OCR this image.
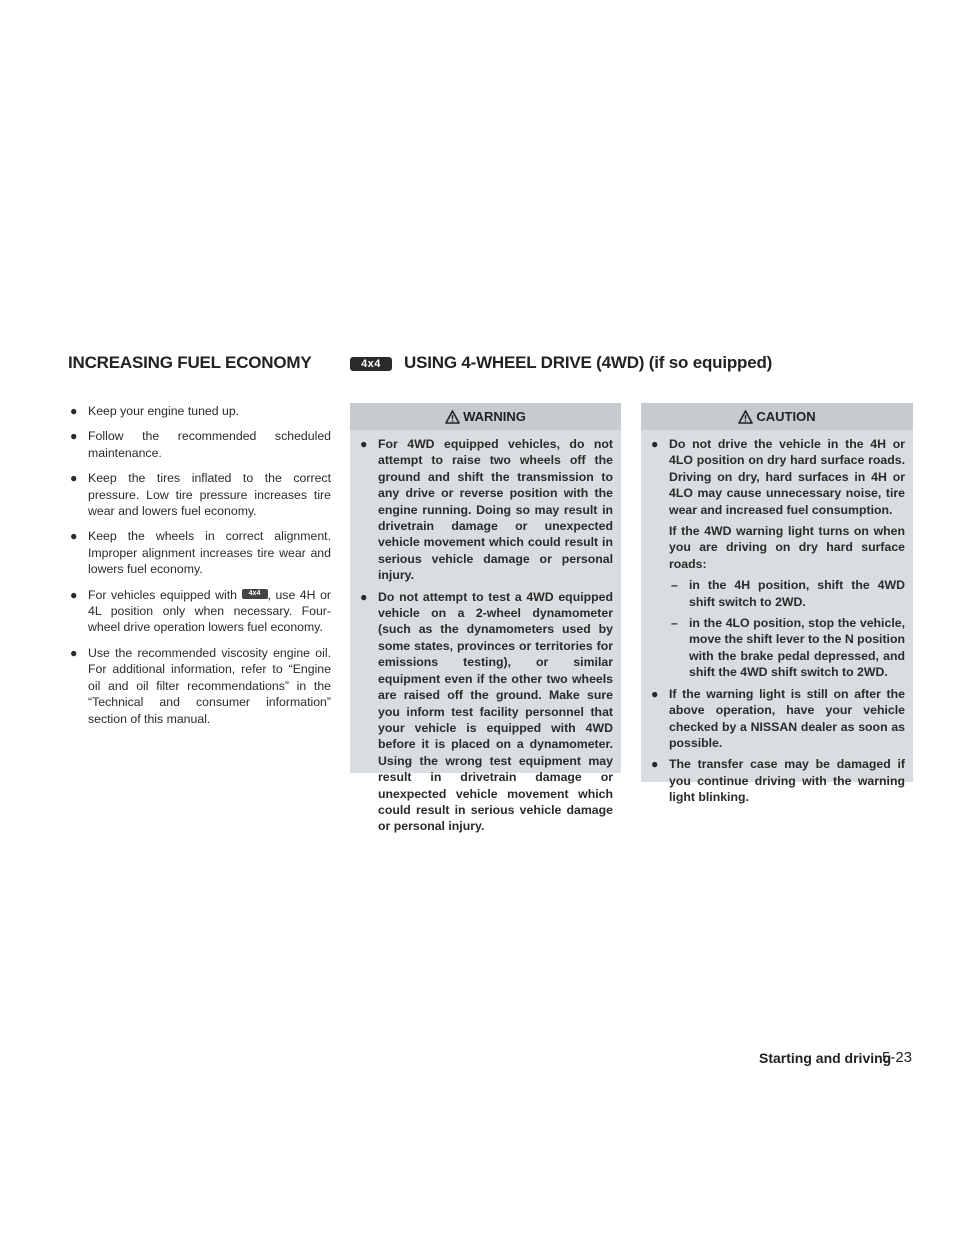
INCREASING FUEL ECONOMY	4x4 USING 4-WHEEL DRIVE (4WD) (if so equipped)
● Keep your engine tuned up.
● Follow the recommended scheduled maintenance.
● Keep the tires inflated to the correct pressure. Low tire pressure increases tire wear and lowers fuel economy.
● Keep the wheels in correct alignment. Improper alignment increases tire wear and lowers fuel economy.
● For vehicles equipped with 4x4 , use 4H or 4L position only when necessary. Four-wheel drive operation lowers fuel economy.
● Use the recommended viscosity engine oil. For additional information, refer to “Engine oil and oil filter recommendations” in the “Technical and consumer information” section of this manual.
WARNING
● For 4WD equipped vehicles, do not attempt to raise two wheels off the ground and shift the transmission to any drive or reverse position with the engine running. Doing so may result in drivetrain damage or unexpected vehicle movement which could result in serious vehicle damage or personal injury.
● Do not attempt to test a 4WD equipped vehicle on a 2-wheel dynamometer (such as the dynamometers used by some states, provinces or territories for emissions testing), or similar equipment even if the other two wheels are raised off the ground. Make sure you inform test facility personnel that your vehicle is equipped with 4WD before it is placed on a dynamometer. Using the wrong test equipment may result in drivetrain damage or unexpected vehicle movement which could result in serious vehicle damage or personal injury.
CAUTION
● Do not drive the vehicle in the 4H or 4LO position on dry hard surface roads. Driving on dry, hard surfaces in 4H or 4LO may cause unnecessary noise, tire wear and increased fuel consumption.

If the 4WD warning light turns on when you are driving on dry hard surface roads:

– in the 4H position, shift the 4WD shift switch to 2WD.
– in the 4LO position, stop the vehicle, move the shift lever to the N position with the brake pedal depressed, and shift the 4WD shift switch to 2WD.
● If the warning light is still on after the above operation, have your vehicle checked by a NISSAN dealer as soon as possible.
● The transfer case may be damaged if you continue driving with the warning light blinking.
Starting and driving
5-23
